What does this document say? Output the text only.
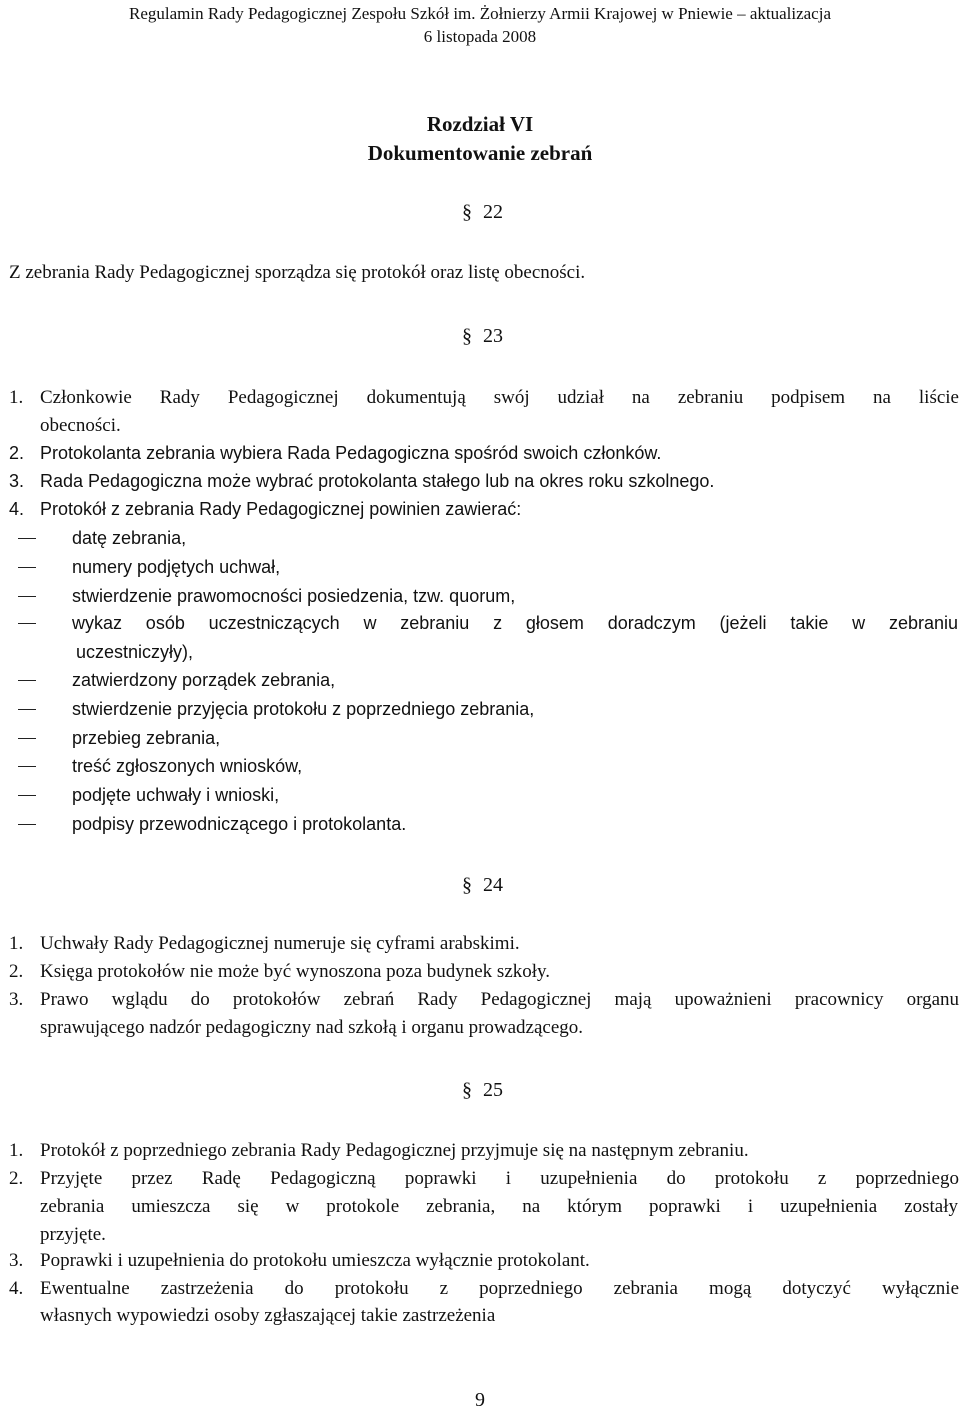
Regulamin Rady Pedagogicznej Zespołu Szkół im. Żołnierzy Armii Krajowej w Pniewie – aktualizacja
6 listopada 2008
Rozdział VI
Dokumentowanie zebrań
§ 22
Z zebrania Rady Pedagogicznej sporządza się protokół oraz listę obecności.
§ 23
1. Członkowie Rady Pedagogicznej dokumentują swój udział na zebraniu podpisem na liście
obecności.
2. Protokolanta zebrania wybiera Rada Pedagogiczna spośród swoich członków.
3. Rada Pedagogiczna może wybrać protokolanta stałego lub na okres roku szkolnego.
4. Protokół z zebrania Rady Pedagogicznej powinien zawierać:
datę zebrania,
numery podjętych uchwał,
stwierdzenie prawomocności posiedzenia, tzw. quorum,
wykaz osób uczestniczących w zebraniu z głosem doradczym (jeżeli takie w zebraniu
uczestniczyły),
zatwierdzony porządek zebrania,
stwierdzenie przyjęcia protokołu z poprzedniego zebrania,
przebieg zebrania,
treść zgłoszonych wniosków,
podjęte uchwały i wnioski,
podpisy przewodniczącego i protokolanta.
§ 24
1. Uchwały Rady Pedagogicznej numeruje się cyframi arabskimi.
2. Księga protokołów nie może być wynoszona poza budynek szkoły.
3. Prawo wglądu do protokołów zebrań Rady Pedagogicznej mają upoważnieni pracownicy organu
sprawującego nadzór pedagogiczny nad szkołą i organu prowadzącego.
§ 25
1. Protokół z poprzedniego zebrania Rady Pedagogicznej przyjmuje się na następnym zebraniu.
2. Przyjęte przez Radę Pedagogiczną poprawki i uzupełnienia do protokołu z poprzedniego
zebrania umieszcza się w protokole zebrania, na którym poprawki i uzupełnienia zostały
przyjęte.
3. Poprawki i uzupełnienia do protokołu umieszcza wyłącznie protokolant.
4. Ewentualne zastrzeżenia do protokołu z poprzedniego zebrania mogą dotyczyć wyłącznie
własnych wypowiedzi osoby zgłaszającej takie zastrzeżenia
9
